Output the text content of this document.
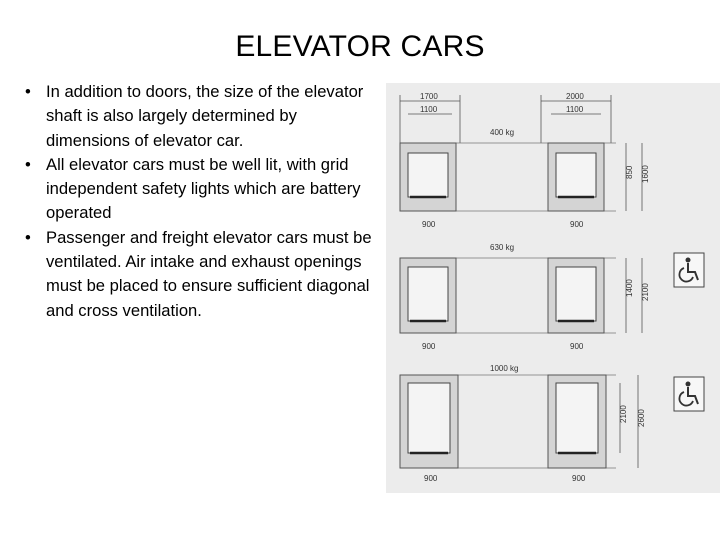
ELEVATOR CARS
• In addition to doors, the size of the elevator shaft is also largely determined by dimensions of elevator car.
• All elevator cars must be well lit, with grid independent safety lights which are battery operated
• Passenger and freight elevator cars must be ventilated. Air intake and exhaust openings must be placed to ensure sufficient diagonal and cross ventilation.
1700
1100
2000
1100
400 kg
900	900
850 1600
630 kg
900	900
1400 2100
1000 kg
900	900
2100 2600
